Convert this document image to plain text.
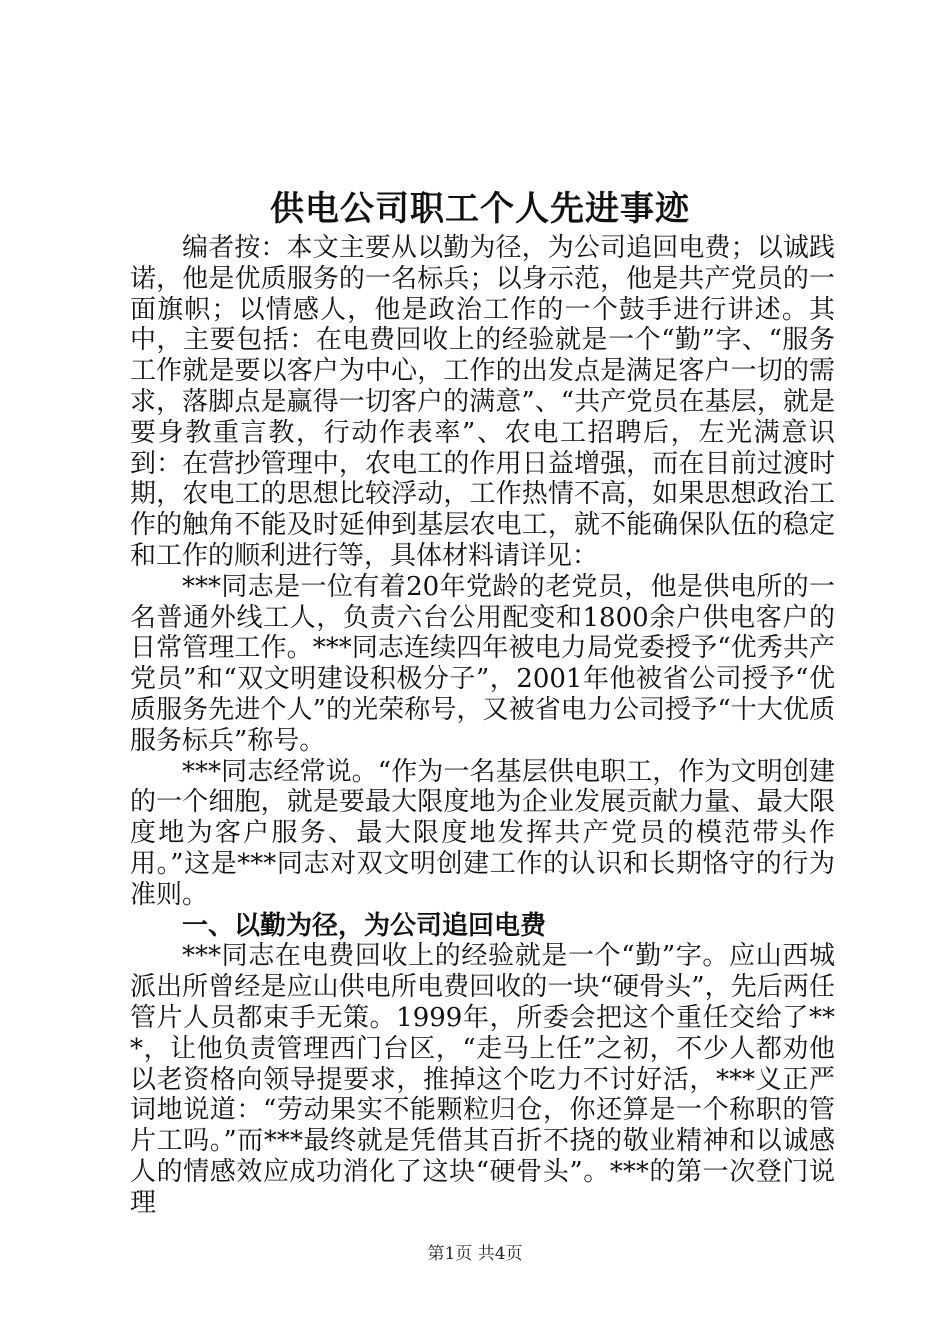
供电公司职工个人先进事迹

编者按：本文主要从以勤为径，为公司追回电费；以诚践诺，他是优质服务的一名标兵；以身示范，他是共产党员的一面旗帜；以情感人，他是政治工作的一个鼓手进行讲述。其中，主要包括：在电费回收上的经验就是一个“勤”字、“服务工作就是要以客户为中心，工作的出发点是满足客户一切的需求，落脚点是赢得一切客户的满意”、“共产党员在基层，就是要身教重言教，行动作表率”、农电工招聘后，左光满意识到：在营抄管理中，农电工的作用日益增强，而在目前过渡时期，农电工的思想比较浮动，工作热情不高，如果思想政治工作的触角不能及时延伸到基层农电工，就不能确保队伍的稳定和工作的顺利进行等，具体材料请详见：

***同志是一位有着20年党龄的老党员，他是供电所的一名普通外线工人，负责六台公用配变和1800余户供电客户的日常管理工作。***同志连续四年被电力局党委授予“优秀共产党员”和“双文明建设积极分子”，2001年他被省公司授予“优质服务先进个人”的光荣称号，又被省电力公司授予“十大优质服务标兵”称号。

***同志经常说。“作为一名基层供电职工，作为文明创建的一个细胞，就是要最大限度地为企业发展贡献力量、最大限度地为客户服务、最大限度地发挥共产党员的模范带头作用。”这是***同志对双文明创建工作的认识和长期恪守的行为准则。

一、以勤为径，为公司追回电费

***同志在电费回收上的经验就是一个“勤”字。应山西城派出所曾经是应山供电所电费回收的一块“硬骨头”，先后两任管片人员都束手无策。1999年，所委会把这个重任交给了***，让他负责管理西门台区，“走马上任”之初，不少人都劝他以老资格向领导提要求，推掉这个吃力不讨好活，***义正严词地说道：“劳动果实不能颗粒归仓，你还算是一个称职的管片工吗。”而***最终就是凭借其百折不挠的敬业精神和以诚感人的情感效应成功消化了这块“硬骨头”。***的第一次登门说理

第1页 共4页
